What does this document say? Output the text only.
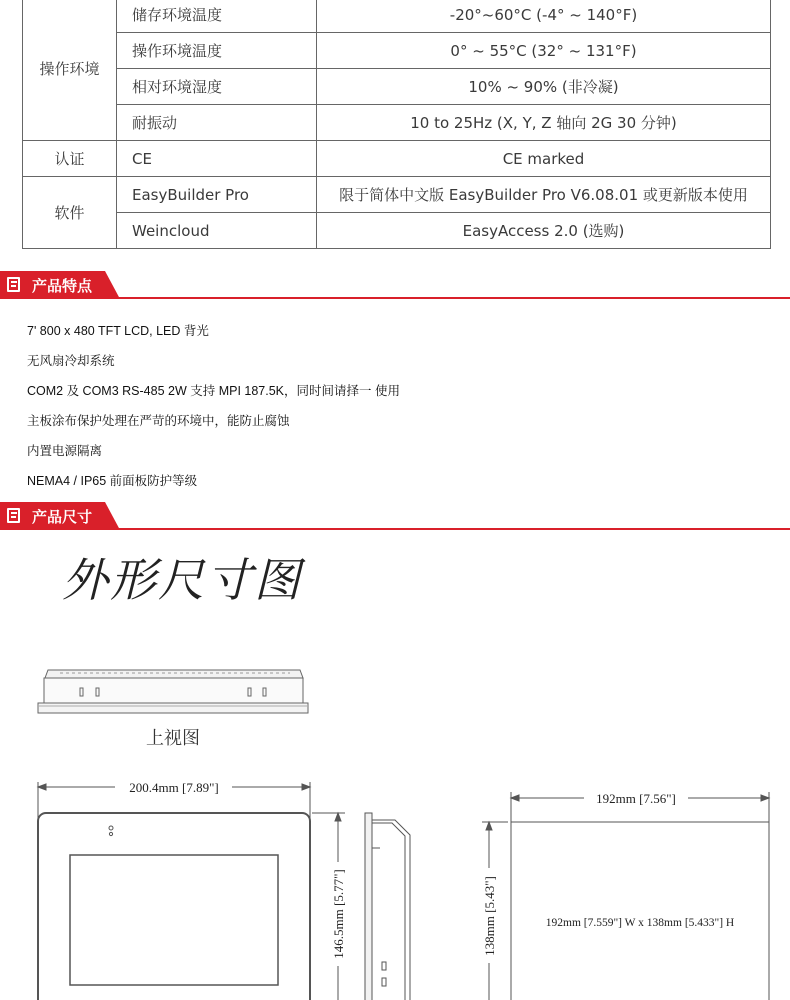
操作环境	储存环境温度	-20°~60°C (-4° ~ 140°F)
	操作环境温度	0° ~ 55°C (32° ~ 131°F)
	相对环境湿度	10% ~ 90% (非冷凝)
	耐振动	10 to 25Hz (X, Y, Z 轴向 2G 30 分钟)
认证	CE	CE marked
软件	EasyBuilder Pro	限于简体中文版 EasyBuilder Pro V6.08.01 或更新版本使用
	Weincloud	EasyAccess 2.0 (选购)
产品特点
7' 800 x 480 TFT LCD, LED 背光
无风扇冷却系统
COM2 及 COM3 RS-485 2W 支持 MPI 187.5K，同时间请择一 使用
主板涂布保护处理在严苛的环境中，能防止腐蚀
内置电源隔离
NEMA4 / IP65 前面板防护等级
产品尺寸
外形尺寸图
200.4mm [7.89"]
192mm [7.56"]
146.5mm [5.77"]	138mm [5.43"]	192mm [7.559"] W x 138mm [5.433"] H
上视图
